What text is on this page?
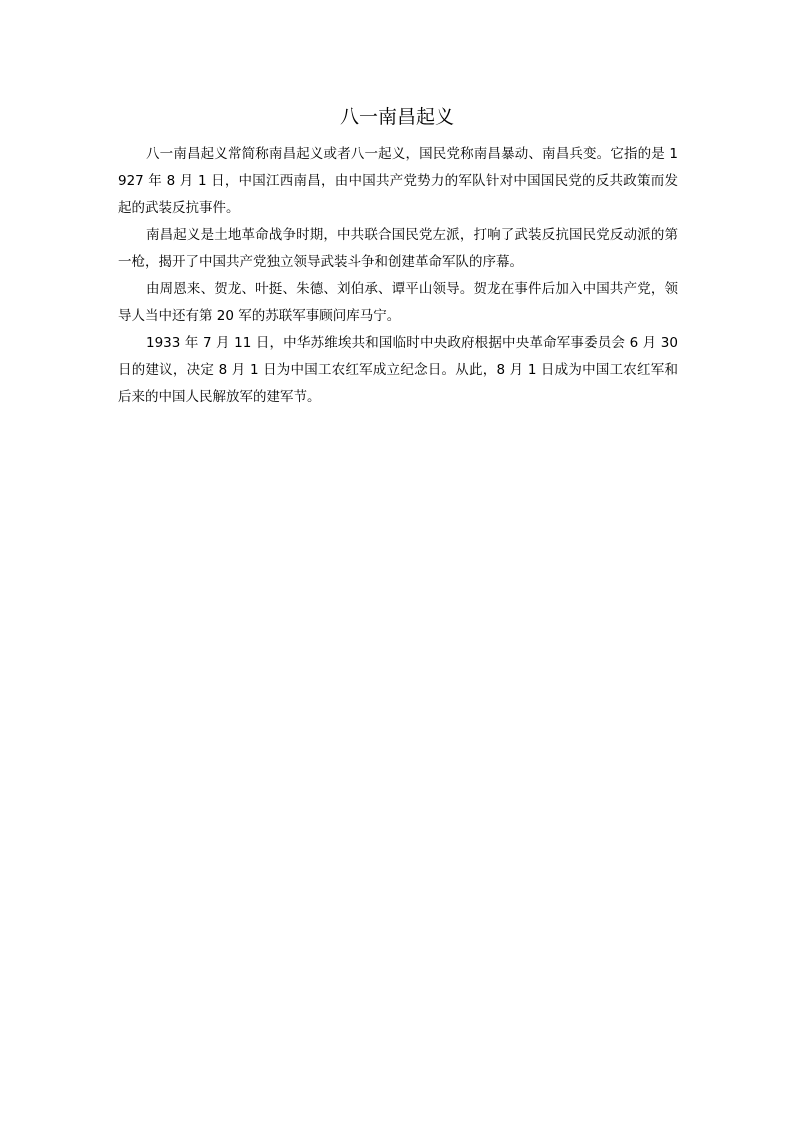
八一南昌起义

八一南昌起义常简称南昌起义或者八一起义，国民党称南昌暴动、南昌兵变。它指的是 1927 年 8 月 1 日，中国江西南昌，由中国共产党势力的军队针对中国国民党的反共政策而发起的武装反抗事件。

南昌起义是土地革命战争时期，中共联合国民党左派，打响了武装反抗国民党反动派的第一枪，揭开了中国共产党独立领导武装斗争和创建革命军队的序幕。

由周恩来、贺龙、叶挺、朱德、刘伯承、谭平山领导。贺龙在事件后加入中国共产党，领导人当中还有第 20 军的苏联军事顾问库马宁。

1933 年 7 月 11 日，中华苏维埃共和国临时中央政府根据中央革命军事委员会 6 月 30 日的建议，决定 8 月 1 日为中国工农红军成立纪念日。从此，8 月 1 日成为中国工农红军和后来的中国人民解放军的建军节。
